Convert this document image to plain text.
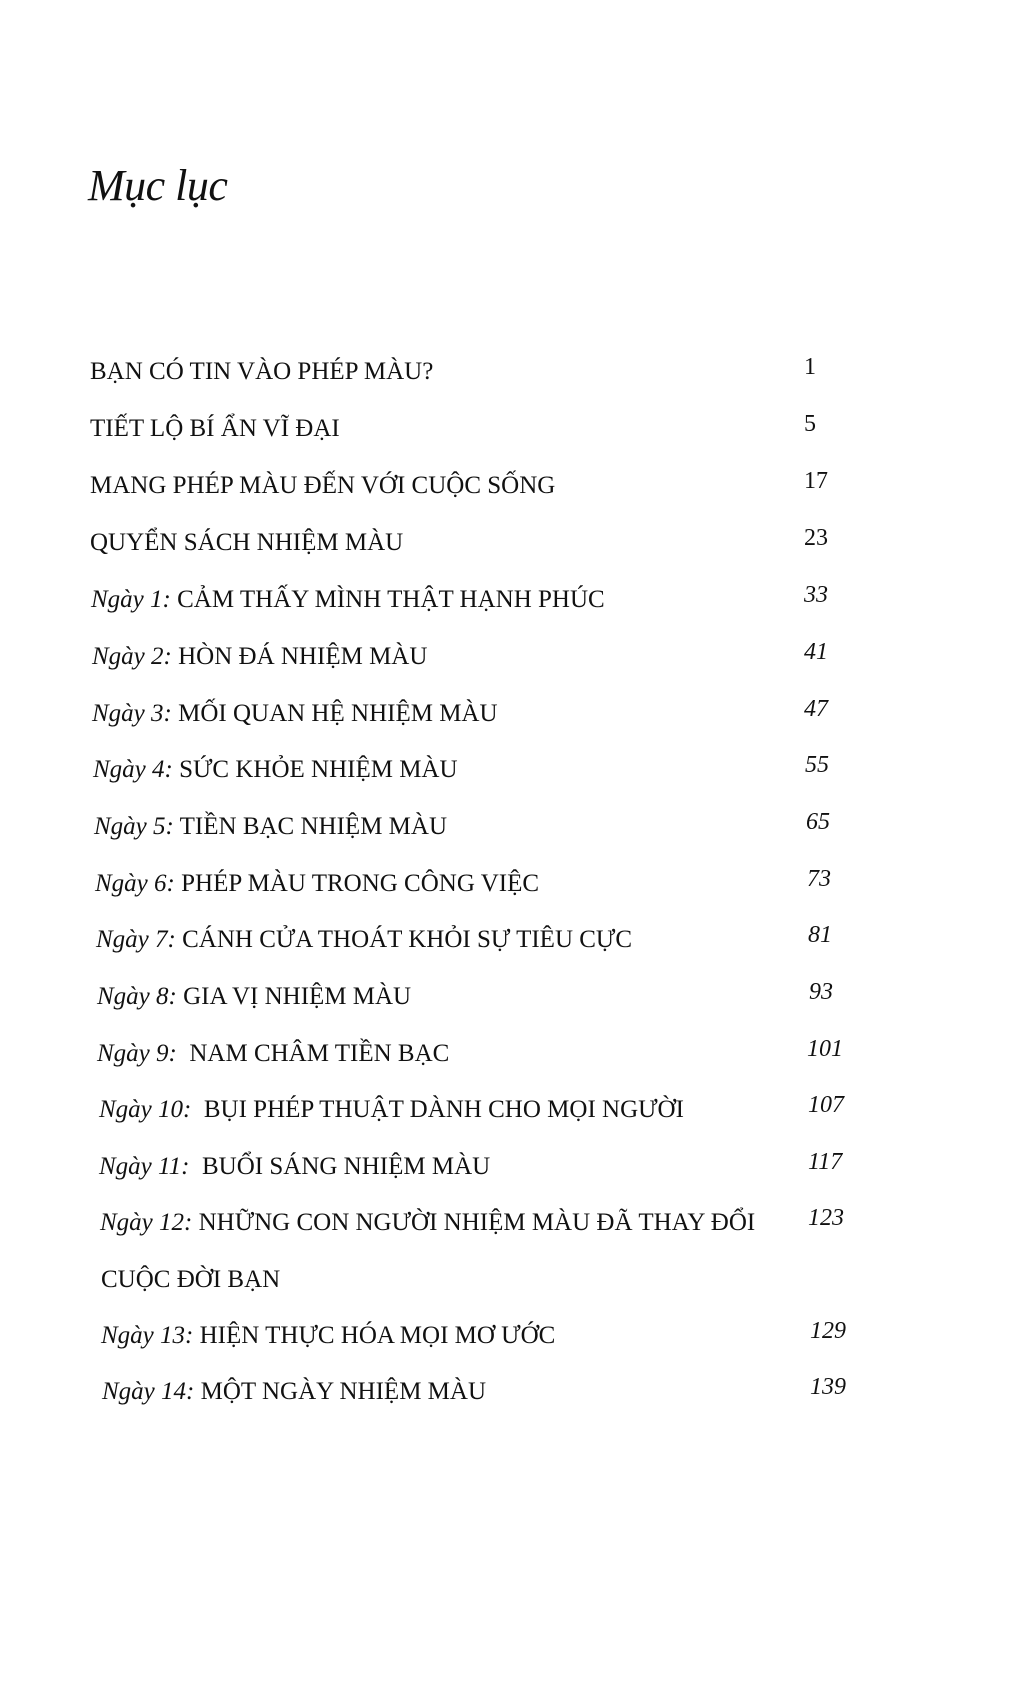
Mục lục
BẠN CÓ TIN VÀO PHÉP MÀU?	1
TIẾT LỘ BÍ ẨN VĨ ĐẠI	5
MANG PHÉP MÀU ĐẾN VỚI CUỘC SỐNG	17
QUYỂN SÁCH NHIỆM MÀU	23
Ngày 1: CẢM THẤY MÌNH THẬT HẠNH PHÚC	33
Ngày 2: HÒN ĐÁ NHIỆM MÀU	41
Ngày 3: MỐI QUAN HỆ NHIỆM MÀU	47
Ngày 4: SỨC KHỎE NHIỆM MÀU	55
Ngày 5: TIỀN BẠC NHIỆM MÀU	65
Ngày 6: PHÉP MÀU TRONG CÔNG VIỆC	73
Ngày 7: CÁNH CỬA THOÁT KHỎI SỰ TIÊU CỰC	81
Ngày 8: GIA VỊ NHIỆM MÀU	93
Ngày 9:  NAM CHÂM TIỀN BẠC	101
Ngày 10:  BỤI PHÉP THUẬT DÀNH CHO MỌI NGƯỜI	107
Ngày 11:  BUỔI SÁNG NHIỆM MÀU	117
Ngày 12: NHỮNG CON NGƯỜI NHIỆM MÀU ĐÃ THAY ĐỔI 123
CUỘC ĐỜI BẠN
Ngày 13: HIỆN THỰC HÓA MỌI MƠ ƯỚC	129
Ngày 14: MỘT NGÀY NHIỆM MÀU	139
